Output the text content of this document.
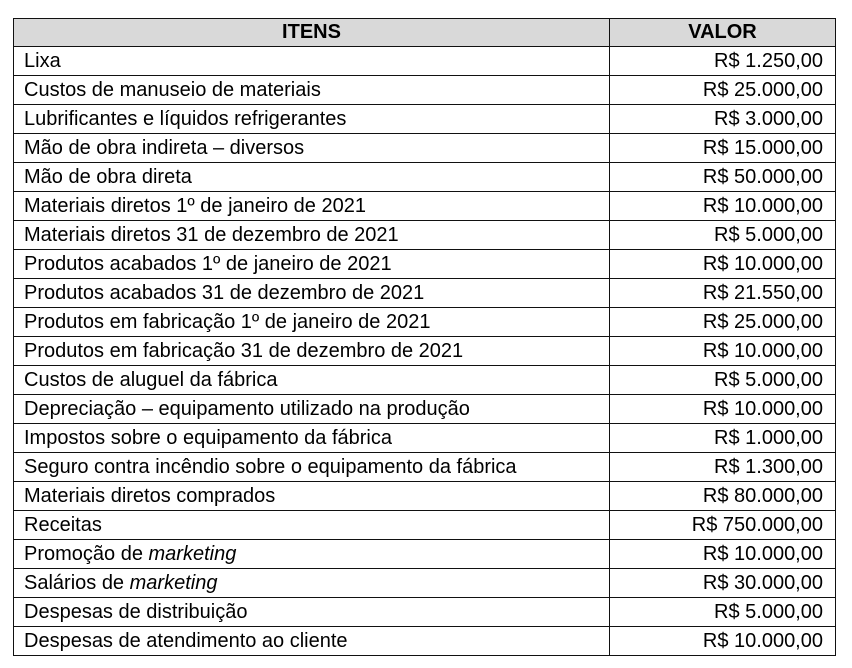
ITENS	VALOR
Lixa	R$ 1.250,00
Custos de manuseio de materiais	R$ 25.000,00
Lubrificantes e líquidos refrigerantes	R$ 3.000,00
Mão de obra indireta – diversos	R$ 15.000,00
Mão de obra direta	R$ 50.000,00
Materiais diretos 1º de janeiro de 2021	R$ 10.000,00
Materiais diretos 31 de dezembro de 2021	R$ 5.000,00
Produtos acabados 1º de janeiro de 2021	R$ 10.000,00
Produtos acabados 31 de dezembro de 2021	R$ 21.550,00
Produtos em fabricação 1º de janeiro de 2021	R$ 25.000,00
Produtos em fabricação 31 de dezembro de 2021	R$ 10.000,00
Custos de aluguel da fábrica	R$ 5.000,00
Depreciação – equipamento utilizado na produção	R$ 10.000,00
Impostos sobre o equipamento da fábrica	R$ 1.000,00
Seguro contra incêndio sobre o equipamento da fábrica	R$ 1.300,00
Materiais diretos comprados	R$ 80.000,00
Receitas	R$ 750.000,00
Promoção de marketing	R$ 10.000,00
Salários de marketing	R$ 30.000,00
Despesas de distribuição	R$ 5.000,00
Despesas de atendimento ao cliente	R$ 10.000,00
